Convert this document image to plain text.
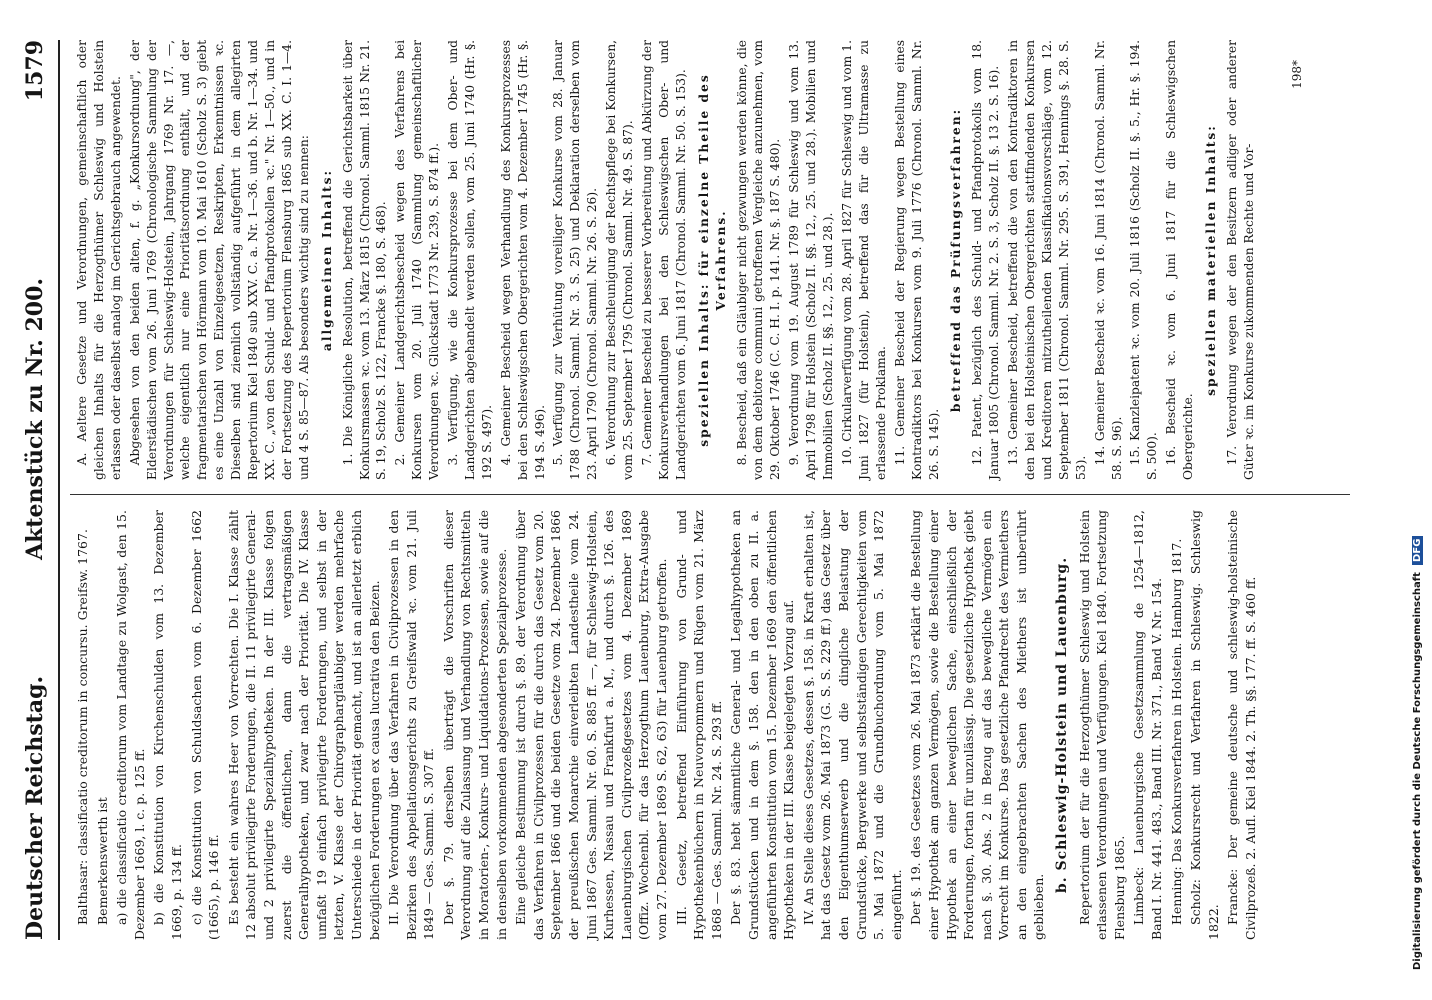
Deutscher Reichstag.
Aktenstück zu Nr. 200.
1579

Balthasar: classificatio creditorum in concursu. Greifsw. 1767. Bemerkenswerth ist a) die classificatio creditorum vom Landtage zu Wolgast, den 15. Dezember 1669, l. c. p. 125 ff. b) die Konstitution von Kirchenschulden vom 13. Dezember 1669, p. 134 ff. c) die Konstitution von Schuldsachen vom 6. Dezember 1662 (1665), p. 146 ff. Es besteht ein wahres Heer von Vorrechten. Die I. Klasse zählt 12 absolut privilegirte Forderungen, die II. 11 privilegirte General- und 2 privilegirte Spezialhypotheken. In der III. Klasse folgen zuerst die öffentlichen, dann die vertragsmäßigen Generalhypotheken, und zwar nach der Priorität. Die IV. Klasse umfaßt 19 einfach privilegirte Forderungen, und selbst in der letzten, V. Klasse der Chirographargläubiger werden mehrfache Unterschiede in der Priorität gemacht, und ist an allerletzt erblich bezüglichen Forderungen ex causa lucrativa den Beizen. II. Die Verordnung über das Verfahren in Civilprozessen in den Bezirken des Appellationsgerichts zu Greifswald ꝛc. vom 21. Juli 1849 — Ges. Samml. S. 307 ff. Der §. 79. derselben überträgt die Vorschriften dieser Verordnung auf die Zulassung und Verhandlung von Rechtsmitteln in Moratorien-, Konkurs- und Liquidations-Prozessen, sowie auf die in denselben vorkommenden abgesonderten Spezialprozesse. Eine gleiche Bestimmung ist durch §. 89. der Verordnung über das Verfahren in Civilprozessen für die durch das Gesetz vom 20. September 1866 und die beiden Gesetze vom 24. Dezember 1866 der preußischen Monarchie einverleibten Landestheile vom 24. Juni 1867 Ges. Samml. Nr. 60. S. 885 ff. —, für Schleswig-Holstein, Kurhessen, Nassau und Frankfurt a. M., und durch §. 126. des Lauenburgischen Civilprozeßgesetzes vom 4. Dezember 1869 (Offiz. Wochenbl. für das Herzogthum Lauenburg, Extra-Ausgabe vom 27. Dezember 1869 S. 62, 63) für Lauenburg getroffen. III. Gesetz, betreffend Einführung von Grund- und Hypothekenbüchern in Neuvorpommern und Rügen vom 21. März 1868 — Ges. Samml. Nr. 24. S. 293 ff. Der §. 83. hebt sämmtliche General- und Legalhypotheken an Grundstücken und in dem §. 158. den in den oben zu II. a. angeführten Konstitution vom 15. Dezember 1669 den öffentlichen Hypotheken in der III. Klasse beigelegten Vorzug auf. IV. An Stelle dieses Gesetzes, dessen §. 158. in Kraft erhalten ist, hat das Gesetz vom 26. Mai 1873 (G. S. S. 229 ff.) das Gesetz über den Eigenthumserwerb und die dingliche Belastung der Grundstücke, Bergwerke und selbstständigen Gerechtigkeiten vom 5. Mai 1872 und die Grundbuchordnung vom 5. Mai 1872 eingeführt. Der §. 19. des Gesetzes vom 26. Mai 1873 erklärt die Bestellung einer Hypothek am ganzen Vermögen, sowie die Bestellung einer Hypothek an einer beweglichen Sache, einschließlich der Forderungen, fortan für unzulässig. Die gesetzliche Hypothek giebt nach §. 30. Abs. 2 in Bezug auf das bewegliche Vermögen ein Vorrecht im Konkurse. Das gesetzliche Pfandrecht des Vermiethers an den eingebrachten Sachen des Miethers ist unberührt geblieben.

b. Schleswig-Holstein und Lauenburg. Repertorium der für die Herzogthümer Schleswig und Holstein erlassenen Verordnungen und Verfügungen. Kiel 1840. Fortsetzung Flensburg 1865. Limbeck: Lauenburgische Gesetzsammlung de 1254—1812, Band I. Nr. 441. 483., Band III. Nr. 371., Band V. Nr. 154. Henning: Das Konkursverfahren in Holstein. Hamburg 1817. Scholz: Konkursrecht und Verfahren in Schleswig. Schleswig 1822. Francke: Der gemeine deutsche und schleswig-holsteinische Civilprozeß. 2. Aufl. Kiel 1844. 2. Th. §§. 177. ff. S. 460 ff.

A. Aeltere Gesetze und Verordnungen, gemeinschaftlich oder gleichen Inhalts für die Herzogthümer Schleswig und Holstein erlassen oder daselbst analog im Gerichtsgebrauch angewendet. Abgesehen von den beiden alten, f. g. „Konkursordnung", der Elderstädischen vom 26. Juni 1769 (Chronologische Sammlung der Verordnungen für Schleswig-Holstein, Jahrgang 1769 Nr. 17. —, welche eigentlich nur eine Prioritätsordnung enthält, und der fragmentarischen von Hörmann vom 10. Mai 1610 (Scholz S. 3) giebt es eine Unzahl von Einzelgesetzen, Reskripten, Erkenntnissen ꝛc. Dieselben sind ziemlich vollständig aufgeführt in dem allegirten Repertorium Kiel 1840 sub XXV. C. a. Nr. 1—36. und b. Nr. 1—34. und XX. C. „von den Schuld- und Pfandprotokollen ꝛc." Nr. 1—50., und in der Fortsetzung des Repertorium Flensburg 1865 sub XX. C. I. 1—4. und 4 S. 85—87. Als besonders wichtig sind zu nennen: allgemeinen Inhalts: 1. Die Königliche Resolution, betreffend die Gerichtsbarkeit über Konkursmassen ꝛc. vom 13. März 1815 (Chronol. Samml. 1815 Nr. 21. S. 19, Scholz S. 122, Francke §. 180, S. 468). 2. Gemeiner Landgerichtsbescheid wegen des Verfahrens bei Konkursen vom 20. Juli 1740 (Sammlung gemeinschaftlicher Verordnungen ꝛc. Glückstadt 1773 Nr. 239, S. 874 ff.). 3. Verfügung, wie die Konkursprozesse bei dem Ober- und Landgerichten abgehandelt werden sollen, vom 25. Juni 1740 (Hr. §. 192 S. 497). 4. Gemeiner Bescheid wegen Verhandlung des Konkursprozesses bei den Schleswigschen Obergerichten vom 4. Dezember 1745 (Hr. §. 194 S. 496). 5. Verfügung zur Verhütung voreiliger Konkurse vom 28. Januar 1788 (Chronol. Samml. Nr. 3. S. 25) und Deklaration derselben vom 23. April 1790 (Chronol. Samml. Nr. 26. S. 26). 6. Verordnung zur Beschleunigung der Rechtspflege bei Konkursen, vom 25. September 1795 (Chronol. Samml. Nr. 49. S. 87). 7. Gemeiner Bescheid zu besserer Vorbereitung und Abkürzung der Konkursverhandlungen bei den Schleswigschen Ober- und Landgerichten vom 6. Juni 1817 (Chronol. Samml. Nr. 50. S. 153). speziellen Inhalts: für einzelne Theile des Verfahrens. 8. Bescheid, daß ein Gläubiger nicht gezwungen werden könne, die von dem debitore communi getroffenen Vergleiche anzunehmen, vom 29. Oktober 1746 (C. C. H. I. p. 141. Nr. §. 187 S. 480). 9. Verordnung vom 19. August 1789 für Schleswig und vom 13. April 1798 für Holstein (Scholz II. §§. 12., 25. und 28.). Mobilien und Immobilien (Scholz II. §§. 12., 25. und 28.). 10. Cirkularverfügung vom 28. April 1827 für Schleswig und vom 1. Juni 1827 (für Holstein), betreffend das für die Ultramasse zu erlassende Proklama. 11. Gemeiner Bescheid der Regierung wegen Bestellung eines Kontradiktors bei Konkursen vom 9. Juli 1776 (Chronol. Samml. Nr. 26. S. 145).

betreffend das Prüfungsverfahren: 12. Patent, bezüglich des Schuld- und Pfandprotokolls vom 18. Januar 1805 (Chronol. Samml. Nr. 2. S. 3, Scholz II. §. 13 2. S. 16). 13. Gemeiner Bescheid, betreffend die von den Kontradiktoren in den bei den Holsteinischen Obergerichten stattfindenden Konkursen und Kreditoren mitzutheilenden Klassifikationsvorschläge, vom 12. September 1811 (Chronol. Samml. Nr. 295. S. 391, Hennings §. 28. S. 53).

14. Gemeiner Bescheid ꝛc. vom 16. Juni 1814 (Chronol. Samml. Nr. 58. S. 96). 15. Kanzleipatent ꝛc. vom 20. Juli 1816 (Scholz II. §. 5., Hr. §. 194. S. 500). 16. Bescheid ꝛc. vom 6. Juni 1817 für die Schleswigschen Obergerichte.

speziellen materiellen Inhalts: 17. Verordnung wegen der den Besitzern adliger oder anderer Güter ꝛc. im Konkurse zukommenden Rechte und Vor-

198*
Digitalisierung gefördert durch die Deutsche Forschungsgemeinschaft DFG
